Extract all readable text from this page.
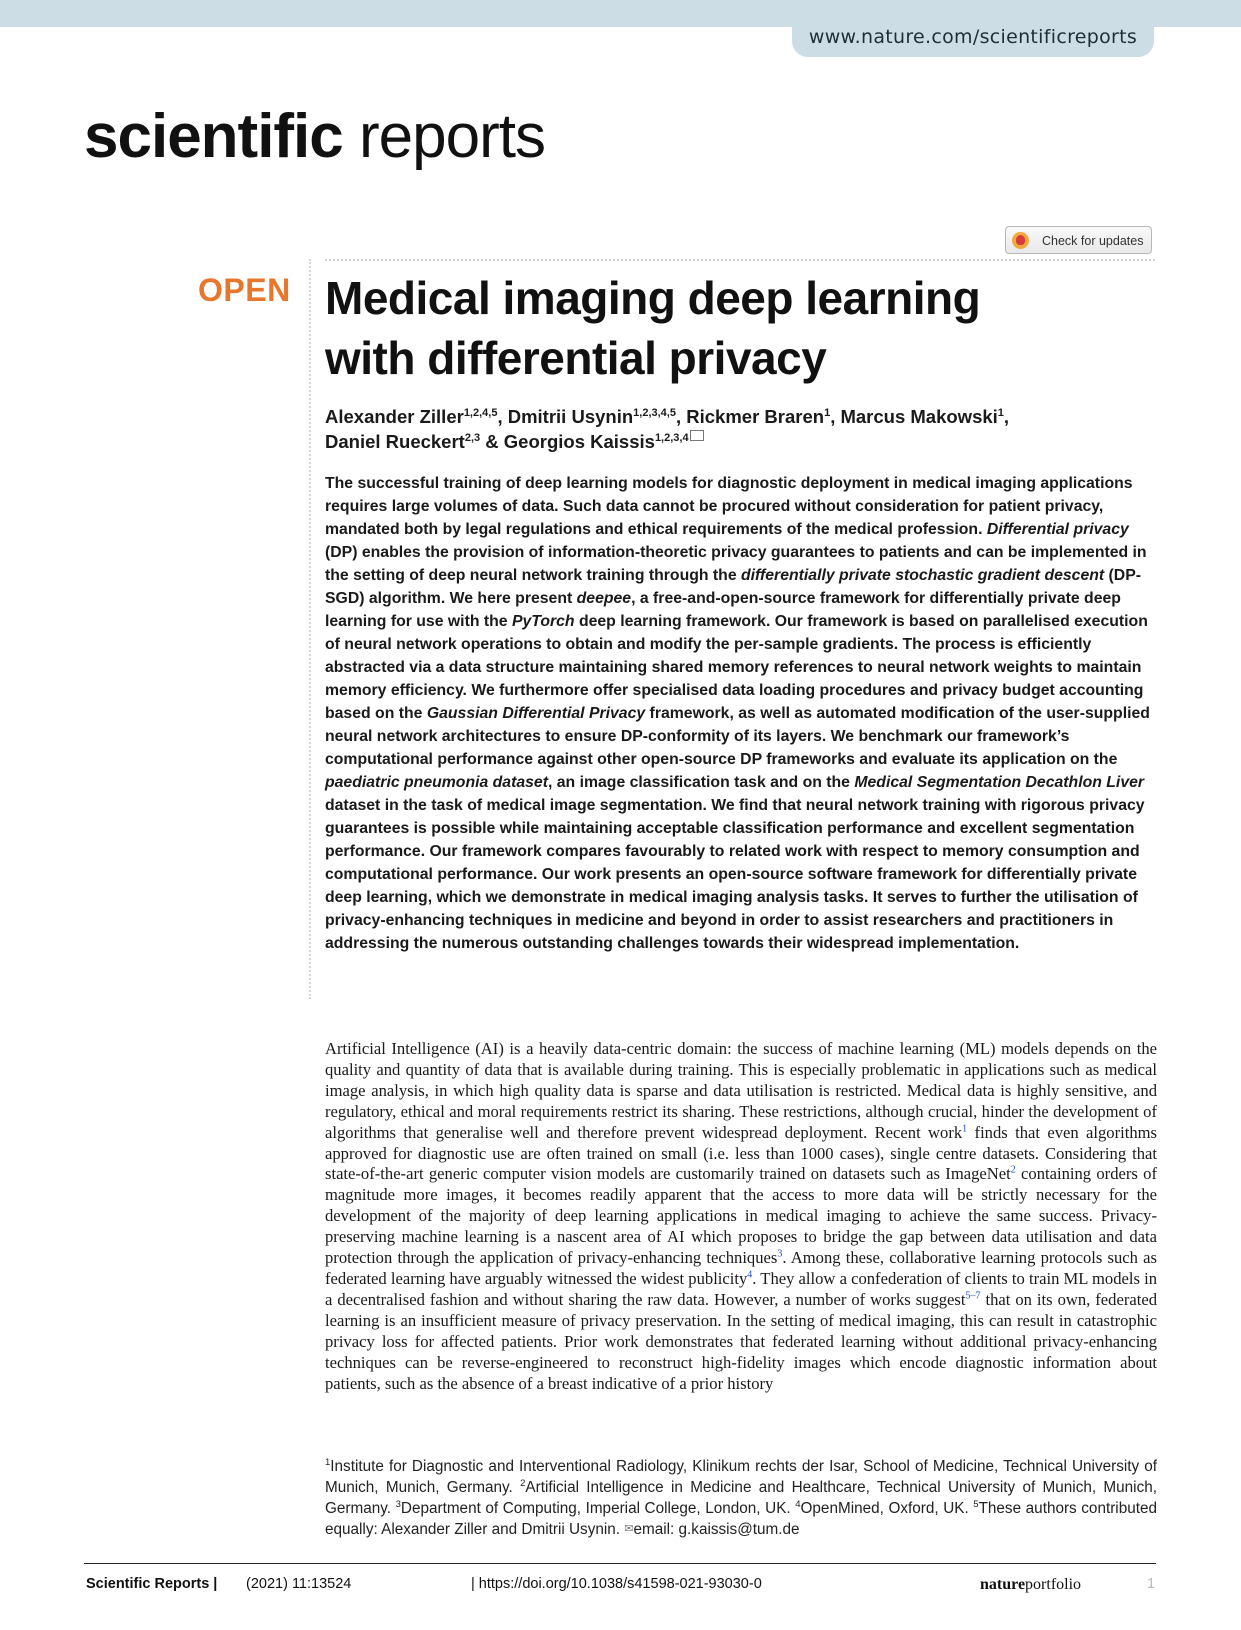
www.nature.com/scientificreports
scientific reports
Check for updates
OPEN Medical imaging deep learning
with differential privacy
Alexander Ziller$^{1,2,4,5}$, Dmitrii Usynin$^{1,2,3,4,5}$, Rickmer Braren$^1$, Marcus Makowski$^1$,
Daniel Rueckert$^{2,3}$ & Georgios Kaissis$^{1,2,3,4}$

The successful training of deep learning models for diagnostic deployment in medical imaging applications requires large volumes of data. Such data cannot be procured without consideration for patient privacy, mandated both by legal regulations and ethical requirements of the medical profession. Differential privacy (DP) enables the provision of information-theoretic privacy guarantees to patients and can be implemented in the setting of deep neural network training through the differentially private stochastic gradient descent (DP-SGD) algorithm. We here present deepee, a free-and-open-source framework for differentially private deep learning for use with the PyTorch deep learning framework. Our framework is based on parallelised execution of neural network operations to obtain and modify the per-sample gradients. The process is efficiently abstracted via a data structure maintaining shared memory references to neural network weights to maintain memory efficiency. We furthermore offer specialised data loading procedures and privacy budget accounting based on the Gaussian Differential Privacy framework, as well as automated modification of the user-supplied neural network architectures to ensure DP-conformity of its layers. We benchmark our framework’s computational performance against other open-source DP frameworks and evaluate its application on the paediatric pneumonia dataset, an image classification task and on the Medical Segmentation Decathlon Liver dataset in the task of medical image segmentation. We find that neural network training with rigorous privacy guarantees is possible while maintaining acceptable classification performance and excellent segmentation performance. Our framework compares favourably to related work with respect to memory consumption and computational performance. Our work presents an open-source software framework for differentially private deep learning, which we demonstrate in medical imaging analysis tasks. It serves to further the utilisation of privacy-enhancing techniques in medicine and beyond in order to assist researchers and practitioners in addressing the numerous outstanding challenges towards their widespread implementation.

Artificial Intelligence (AI) is a heavily data-centric domain: the success of machine learning (ML) models depends on the quality and quantity of data that is available during training. This is especially problematic in applications such as medical image analysis, in which high quality data is sparse and data utilisation is restricted. Medical data is highly sensitive, and regulatory, ethical and moral requirements restrict its sharing. These restrictions, although crucial, hinder the development of algorithms that generalise well and therefore prevent widespread deployment. Recent work$^1$ finds that even algorithms approved for diagnostic use are often trained on small (i.e. less than 1000 cases), single centre datasets. Considering that state-of-the-art generic computer vision models are customarily trained on datasets such as ImageNet$^2$ containing orders of magnitude more images, it becomes readily apparent that the access to more data will be strictly necessary for the development of the majority of deep learning applications in medical imaging to achieve the same success. Privacy-preserving machine learning is a nascent area of AI which proposes to bridge the gap between data utilisation and data protection through the application of privacy-enhancing techniques$^3$. Among these, collaborative learning protocols such as federated learning have arguably witnessed the widest publicity$^4$. They allow a confederation of clients to train ML models in a decentralised fashion and without sharing the raw data. However, a number of works suggest$^{5-7}$ that on its own, federated learning is an insufficient measure of privacy preservation. In the setting of medical imaging, this can result in catastrophic privacy loss for affected patients. Prior work demonstrates that federated learning without additional privacy-enhancing techniques can be reverse-engineered to reconstruct high-fidelity images which encode diagnostic information about patients, such as the absence of a breast indicative of a prior history

$^1$Institute for Diagnostic and Interventional Radiology, Klinikum rechts der Isar, School of Medicine, Technical University of Munich, Munich, Germany. $^2$Artificial Intelligence in Medicine and Healthcare, Technical University of Munich, Munich, Germany. $^3$Department of Computing, Imperial College, London, UK. $^4$OpenMined, Oxford, UK. $^5$These authors contributed equally: Alexander Ziller and Dmitrii Usynin. ✉email: g.kaissis@tum.de

Scientific Reports | (2021) 11:13524	| https://doi.org/10.1038/s41598-021-93030-0	natureportfolio	1
